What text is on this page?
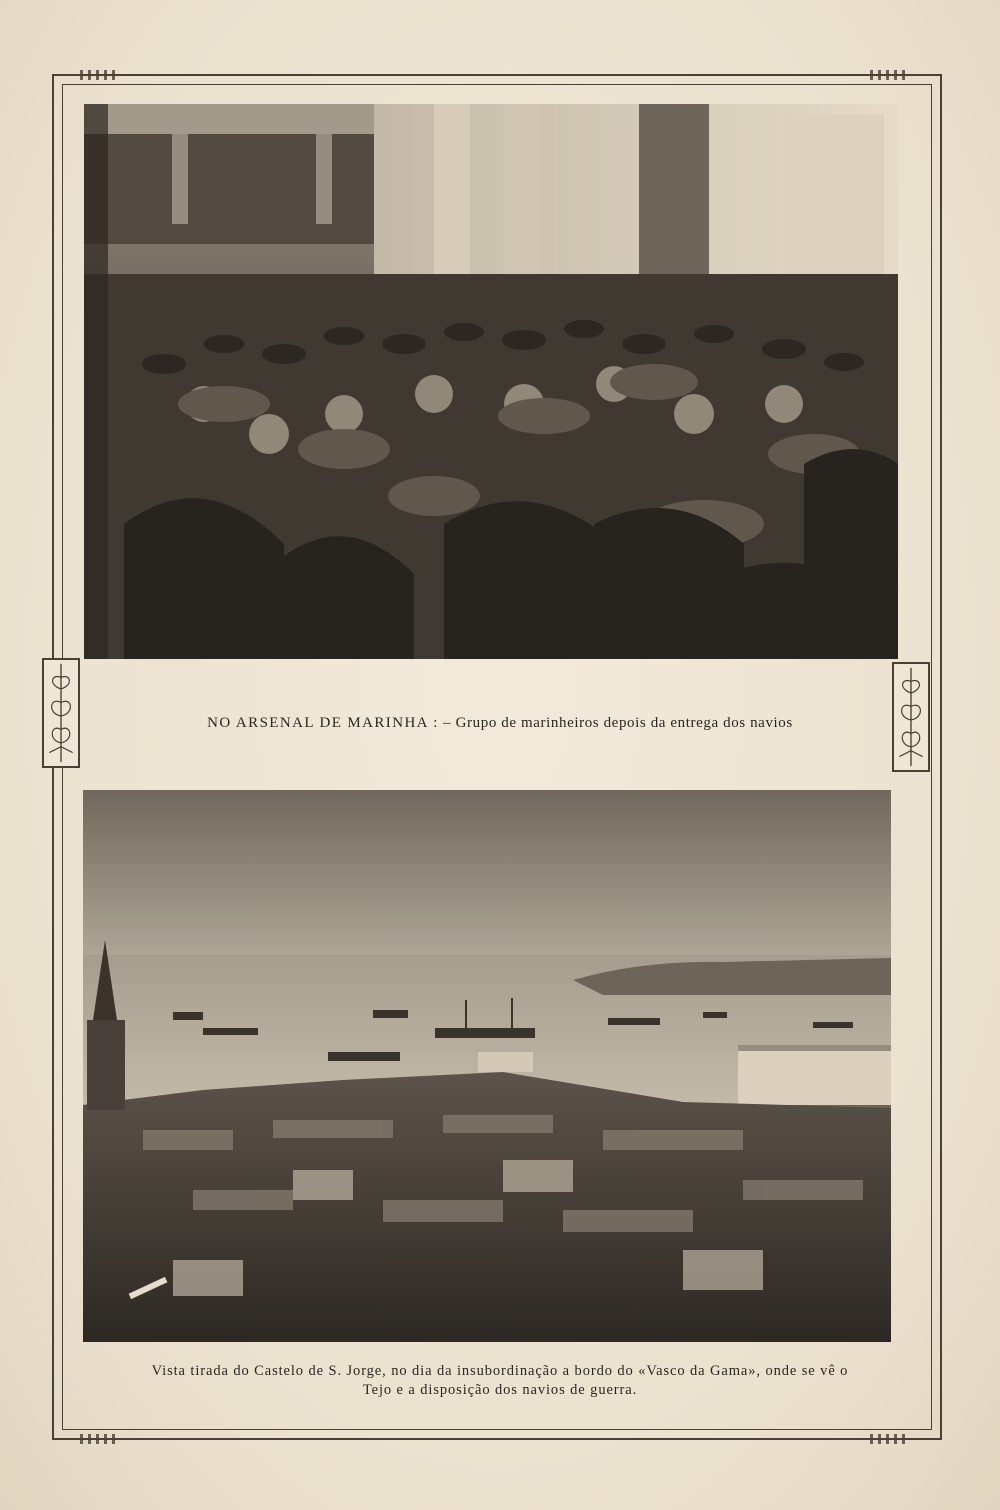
NO ARSENAL DE MARINHA : – Grupo de marinheiros depois da entrega dos navios
Vista tirada do Castelo de S. Jorge, no dia da insubordinação a bordo do «Vasco da Gama», onde se vê o
Tejo e a disposição dos navios de guerra.
